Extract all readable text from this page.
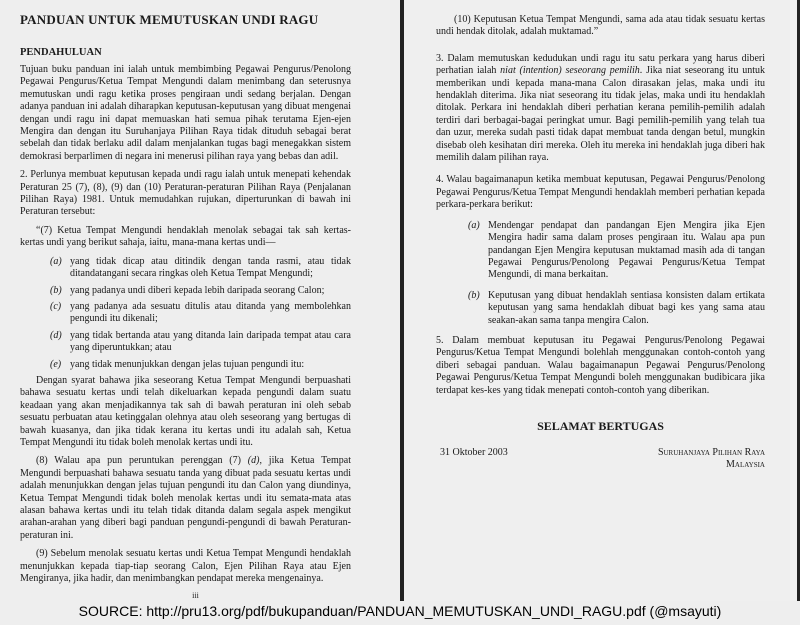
PANDUAN UNTUK MEMUTUSKAN UNDI RAGU
PENDAHULUAN
Tujuan buku panduan ini ialah untuk membimbing Pegawai Pengurus/Penolong Pegawai Pengurus/Ketua Tempat Mengundi dalam menimbang dan seterusnya memutuskan undi ragu ketika proses pengiraan undi sedang berjalan. Dengan adanya panduan ini adalah diharapkan keputusan-keputusan yang dibuat mengenai dengan undi ragu ini dapat memuaskan hati semua pihak terutama Ejen-ejen Mengira dan dengan itu Suruhanjaya Pilihan Raya tidak dituduh sebagai berat sebelah dan tidak berlaku adil dalam menjalankan tugas bagi menegakkan sistem demokrasi berparlimen di negara ini menerusi pilihan raya yang bebas dan adil.
2. Perlunya membuat keputusan kepada undi ragu ialah untuk menepati kehendak Peraturan 25 (7), (8), (9) dan (10) Peraturan-peraturan Pilihan Raya (Penjalanan Pilihan Raya) 1981. Untuk memudahkan rujukan, diperturunkan di bawah ini Peraturan tersebut:
“(7) Ketua Tempat Mengundi hendaklah menolak sebagai tak sah kertas-kertas undi yang berikut sahaja, iaitu, mana-mana kertas undi—
(a) yang tidak dicap atau ditindik dengan tanda rasmi, atau tidak ditandatangani secara ringkas oleh Ketua Tempat Mengundi;
(b) yang padanya undi diberi kepada lebih daripada seorang Calon;
(c) yang padanya ada sesuatu ditulis atau ditanda yang membolehkan pengundi itu dikenali;
(d) yang tidak bertanda atau yang ditanda lain daripada tempat atau cara yang diperuntukkan; atau
(e) yang tidak menunjukkan dengan jelas tujuan pengundi itu:
Dengan syarat bahawa jika seseorang Ketua Tempat Mengundi berpuashati bahawa sesuatu kertas undi telah dikeluarkan kepada pengundi dalam suatu keadaan yang akan menjadikannya tak sah di bawah peraturan ini oleh sebab sesuatu perbuatan atau ketinggalan olehnya atau oleh seseorang yang bertugas di bawah kuasanya, dan jika tidak kerana itu kertas undi itu adalah sah, Ketua Tempat Mengundi itu tidak boleh menolak kertas undi itu.
(8) Walau apa pun peruntukan perenggan (7) (d), jika Ketua Tempat Mengundi berpuashati bahawa sesuatu tanda yang dibuat pada sesuatu kertas undi adalah menunjukkan dengan jelas tujuan pengundi itu dan Calon yang diundinya, Ketua Tempat Mengundi tidak boleh menolak kertas undi itu semata-mata atas alasan bahawa kertas undi itu telah tidak ditanda dalam segala aspek mengikut arahan-arahan yang diberi bagi panduan pengundi-pengundi di bawah Peraturan-peraturan ini.
(9) Sebelum menolak sesuatu kertas undi Ketua Tempat Mengundi hendaklah menunjukkan kepada tiap-tiap seorang Calon, Ejen Pilihan Raya atau Ejen Mengiranya, jika hadir, dan menimbangkan pendapat mereka mengenainya.
iii
(10) Keputusan Ketua Tempat Mengundi, sama ada atau tidak sesuatu kertas undi hendak ditolak, adalah muktamad.”
3. Dalam memutuskan kedudukan undi ragu itu satu perkara yang harus diberi perhatian ialah niat (intention) seseorang pemilih. Jika niat seseorang itu untuk memberikan undi kepada mana-mana Calon dirasakan jelas, maka undi itu hendaklah diterima. Jika niat seseorang itu tidak jelas, maka undi itu hendaklah ditolak. Perkara ini hendaklah diberi perhatian kerana pemilih-pemilih adalah terdiri dari berbagai-bagai peringkat umur. Bagi pemilih-pemilih yang telah tua dan uzur, mereka sudah pasti tidak dapat membuat tanda dengan betul, mungkin disebab oleh kesihatan diri mereka. Oleh itu mereka ini hendaklah juga diberi hak memilih dalam pilihan raya.
4. Walau bagaimanapun ketika membuat keputusan, Pegawai Pengurus/Penolong Pegawai Pengurus/Ketua Tempat Mengundi hendaklah memberi perhatian kepada perkara-perkara berikut:
(a) Mendengar pendapat dan pandangan Ejen Mengira jika Ejen Mengira hadir sama dalam proses pengiraan itu. Walau apa pun pandangan Ejen Mengira keputusan muktamad masih ada di tangan Pegawai Pengurus/Penolong Pegawai Pengurus/Ketua Tempat Mengundi, di mana berkaitan.
(b) Keputusan yang dibuat hendaklah sentiasa konsisten dalam ertikata keputusan yang sama hendaklah dibuat bagi kes yang sama atau seakan-akan sama tanpa mengira Calon.
5. Dalam membuat keputusan itu Pegawai Pengurus/Penolong Pegawai Pengurus/Ketua Tempat Mengundi bolehlah menggunakan contoh-contoh yang diberi sebagai panduan. Walau bagaimanapun Pegawai Pengurus/Penolong Pegawai Pengurus/Ketua Tempat Mengundi boleh menggunakan budibicara jika terdapat kes-kes yang tidak menepati contoh-contoh yang diberikan.
SELAMAT BERTUGAS
31 Oktober 2003	Suruhanjaya Pilihan Raya
Malaysia
SOURCE: http://pru13.org/pdf/bukupanduan/PANDUAN_MEMUTUSKAN_UNDI_RAGU.pdf (@msayuti)
